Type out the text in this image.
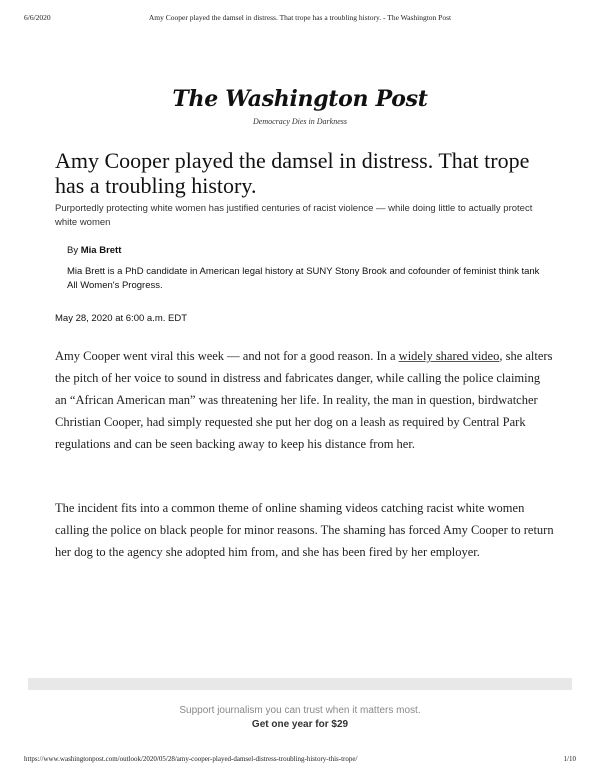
6/6/2020	Amy Cooper played the damsel in distress. That trope has a troubling history. - The Washington Post
The Washington Post
Democracy Dies in Darkness
Amy Cooper played the damsel in distress. That trope has a troubling history.
Purportedly protecting white women has justified centuries of racist violence — while doing little to actually protect white women
By Mia Brett
Mia Brett is a PhD candidate in American legal history at SUNY Stony Brook and cofounder of feminist think tank All Women's Progress.
May 28, 2020 at 6:00 a.m. EDT

Amy Cooper went viral this week — and not for a good reason. In a widely shared video, she alters the pitch of her voice to sound in distress and fabricates danger, while calling the police claiming an “African American man” was threatening her life. In reality, the man in question, birdwatcher Christian Cooper, had simply requested she put her dog on a leash as required by Central Park regulations and can be seen backing away to keep his distance from her.

The incident fits into a common theme of online shaming videos catching racist white women calling the police on black people for minor reasons. The shaming has forced Amy Cooper to return her dog to the agency she adopted him from, and she has been fired by her employer.

Support journalism you can trust when it matters most.
Get one year for $29
https://www.washingtonpost.com/outlook/2020/05/28/amy-cooper-played-damsel-distress-troubling-history-this-trope/	1/10
